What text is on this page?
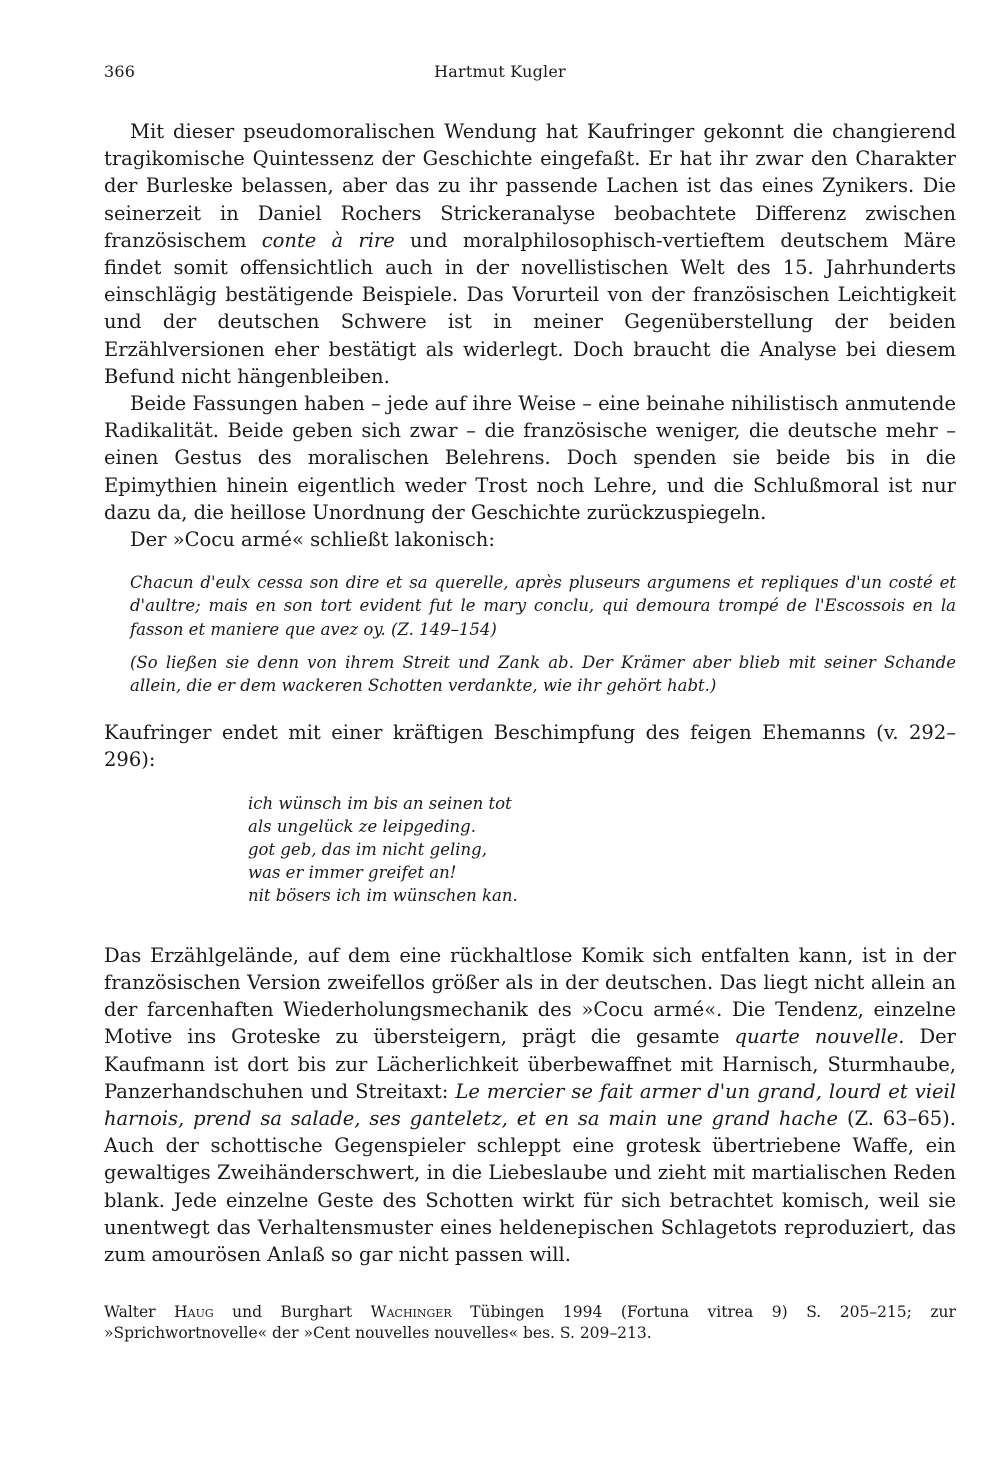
366	Hartmut Kugler

Mit dieser pseudomoralischen Wendung hat Kaufringer gekonnt die changierend tragikomische Quintessenz der Geschichte eingefaßt. Er hat ihr zwar den Charakter der Burleske belassen, aber das zu ihr passende Lachen ist das eines Zynikers. Die seinerzeit in Daniel Rochers Strickeranalyse beobachtete Differenz zwischen französischem conte à rire und moralphilosophisch-vertieftem deutschem Märe findet somit offensichtlich auch in der novellistischen Welt des 15. Jahrhunderts einschlägig bestätigende Beispiele. Das Vorurteil von der französischen Leichtigkeit und der deutschen Schwere ist in meiner Gegenüberstellung der beiden Erzählversionen eher bestätigt als widerlegt. Doch braucht die Analyse bei diesem Befund nicht hängenbleiben.

Beide Fassungen haben – jede auf ihre Weise – eine beinahe nihilistisch anmutende Radikalität. Beide geben sich zwar – die französische weniger, die deutsche mehr – einen Gestus des moralischen Belehrens. Doch spenden sie beide bis in die Epimythien hinein eigentlich weder Trost noch Lehre, und die Schlußmoral ist nur dazu da, die heillose Unordnung der Geschichte zurückzuspiegeln.

Der »Cocu armé« schließt lakonisch:

Chacun d'eulx cessa son dire et sa querelle, après pluseurs argumens et repliques d'un costé et d'aultre; mais en son tort evident fut le mary conclu, qui demoura trompé de l'Escossois en la fasson et maniere que avez oy. (Z. 149–154)

(So ließen sie denn von ihrem Streit und Zank ab. Der Krämer aber blieb mit seiner Schande allein, die er dem wackeren Schotten verdankte, wie ihr gehört habt.)

Kaufringer endet mit einer kräftigen Beschimpfung des feigen Ehemanns (v. 292–296):

ich wünsch im bis an seinen tot
als ungelück ze leipgeding.
got geb, das im nicht geling,
was er immer greifet an!
nit bösers ich im wünschen kan.

Das Erzählgelände, auf dem eine rückhaltlose Komik sich entfalten kann, ist in der französischen Version zweifellos größer als in der deutschen. Das liegt nicht allein an der farcenhaften Wiederholungsmechanik des »Cocu armé«. Die Tendenz, einzelne Motive ins Groteske zu übersteigern, prägt die gesamte quarte nouvelle. Der Kaufmann ist dort bis zur Lächerlichkeit überbewaffnet mit Harnisch, Sturmhaube, Panzerhandschuhen und Streitaxt: Le mercier se fait armer d'un grand, lourd et vieil harnois, prend sa salade, ses ganteletz, et en sa main une grand hache (Z. 63–65). Auch der schottische Gegenspieler schleppt eine grotesk übertriebene Waffe, ein gewaltiges Zweihänderschwert, in die Liebeslaube und zieht mit martialischen Reden blank. Jede einzelne Geste des Schotten wirkt für sich betrachtet komisch, weil sie unentwegt das Verhaltensmuster eines heldenepischen Schlagetots reproduziert, das zum amourösen Anlaß so gar nicht passen will.

Walter Haug und Burghart Wachinger Tübingen 1994 (Fortuna vitrea 9) S. 205–215; zur »Sprichwortnovelle« der »Cent nouvelles nouvelles« bes. S. 209–213.
